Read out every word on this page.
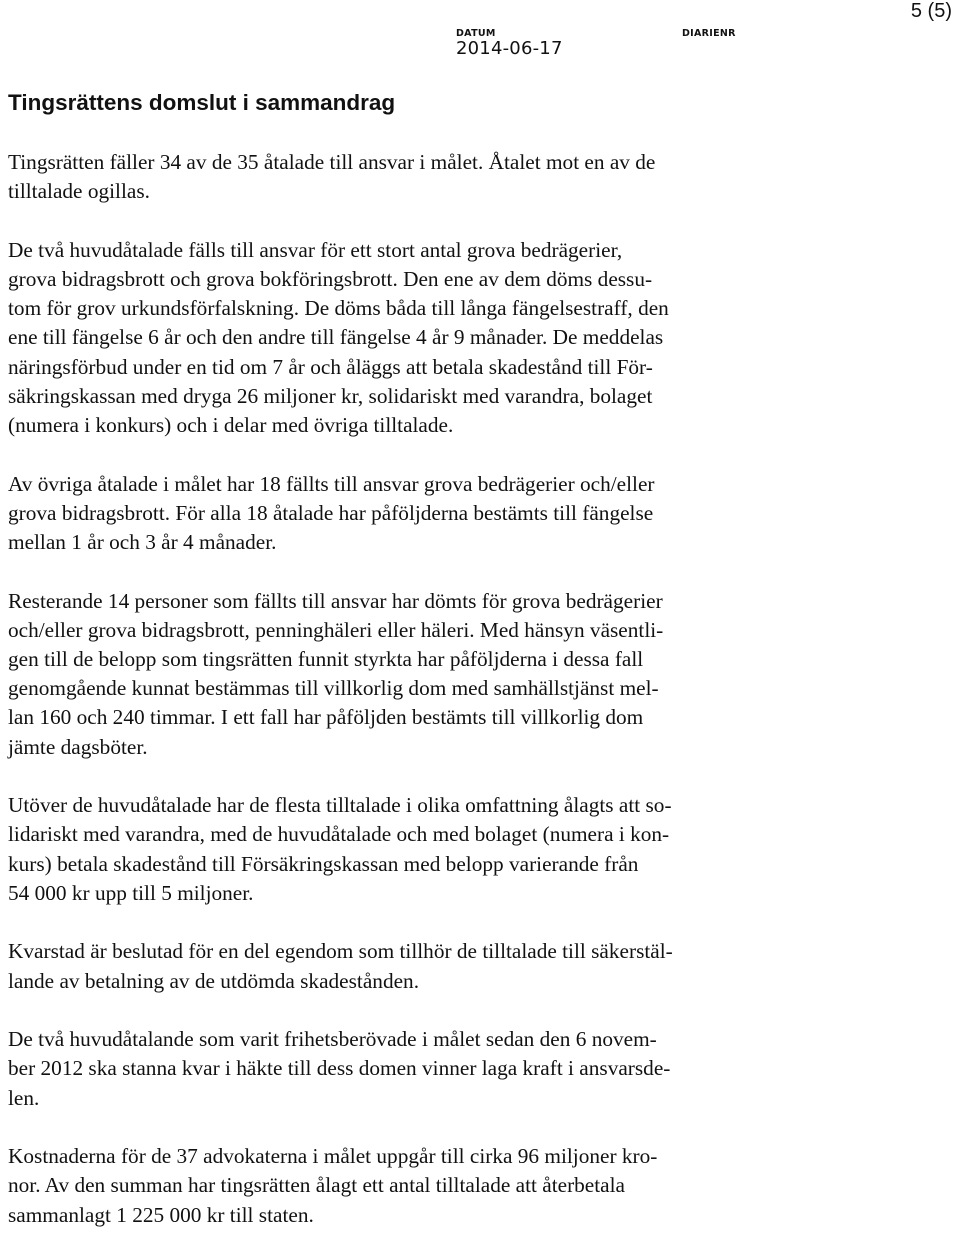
5 (5)
DATUM	DIARIENR
2014-06-17
Tingsrättens domslut i sammandrag

Tingsrätten fäller 34 av de 35 åtalade till ansvar i målet. Åtalet mot en av de
tilltalade ogillas.

De två huvudåtalade fälls till ansvar för ett stort antal grova bedrägerier,
grova bidragsbrott och grova bokföringsbrott. Den ene av dem döms dessu-
tom för grov urkundsförfalskning. De döms båda till långa fängelsestraff, den
ene till fängelse 6 år och den andre till fängelse 4 år 9 månader. De meddelas
näringsförbud under en tid om 7 år och åläggs att betala skadestånd till För-
säkringskassan med dryga 26 miljoner kr, solidariskt med varandra, bolaget
(numera i konkurs) och i delar med övriga tilltalade.

Av övriga åtalade i målet har 18 fällts till ansvar grova bedrägerier och/eller
grova bidragsbrott. För alla 18 åtalade har påföljderna bestämts till fängelse
mellan 1 år och 3 år 4 månader.

Resterande 14 personer som fällts till ansvar har dömts för grova bedrägerier
och/eller grova bidragsbrott, penninghäleri eller häleri. Med hänsyn väsentli-
gen till de belopp som tingsrätten funnit styrkta har påföljderna i dessa fall
genomgående kunnat bestämmas till villkorlig dom med samhällstjänst mel-
lan 160 och 240 timmar. I ett fall har påföljden bestämts till villkorlig dom
jämte dagsböter.

Utöver de huvudåtalade har de flesta tilltalade i olika omfattning ålagts att so-
lidariskt med varandra, med de huvudåtalade och med bolaget (numera i kon-
kurs) betala skadestånd till Försäkringskassan med belopp varierande från
54 000 kr upp till 5 miljoner.

Kvarstad är beslutad för en del egendom som tillhör de tilltalade till säkerstäl-
lande av betalning av de utdömda skadestånden.

De två huvudåtalande som varit frihetsberövade i målet sedan den 6 novem-
ber 2012 ska stanna kvar i häkte till dess domen vinner laga kraft i ansvarsde-
len.

Kostnaderna för de 37 advokaterna i målet uppgår till cirka 96 miljoner kro-
nor. Av den summan har tingsrätten ålagt ett antal tilltalade att återbetala
sammanlagt 1 225 000 kr till staten.
